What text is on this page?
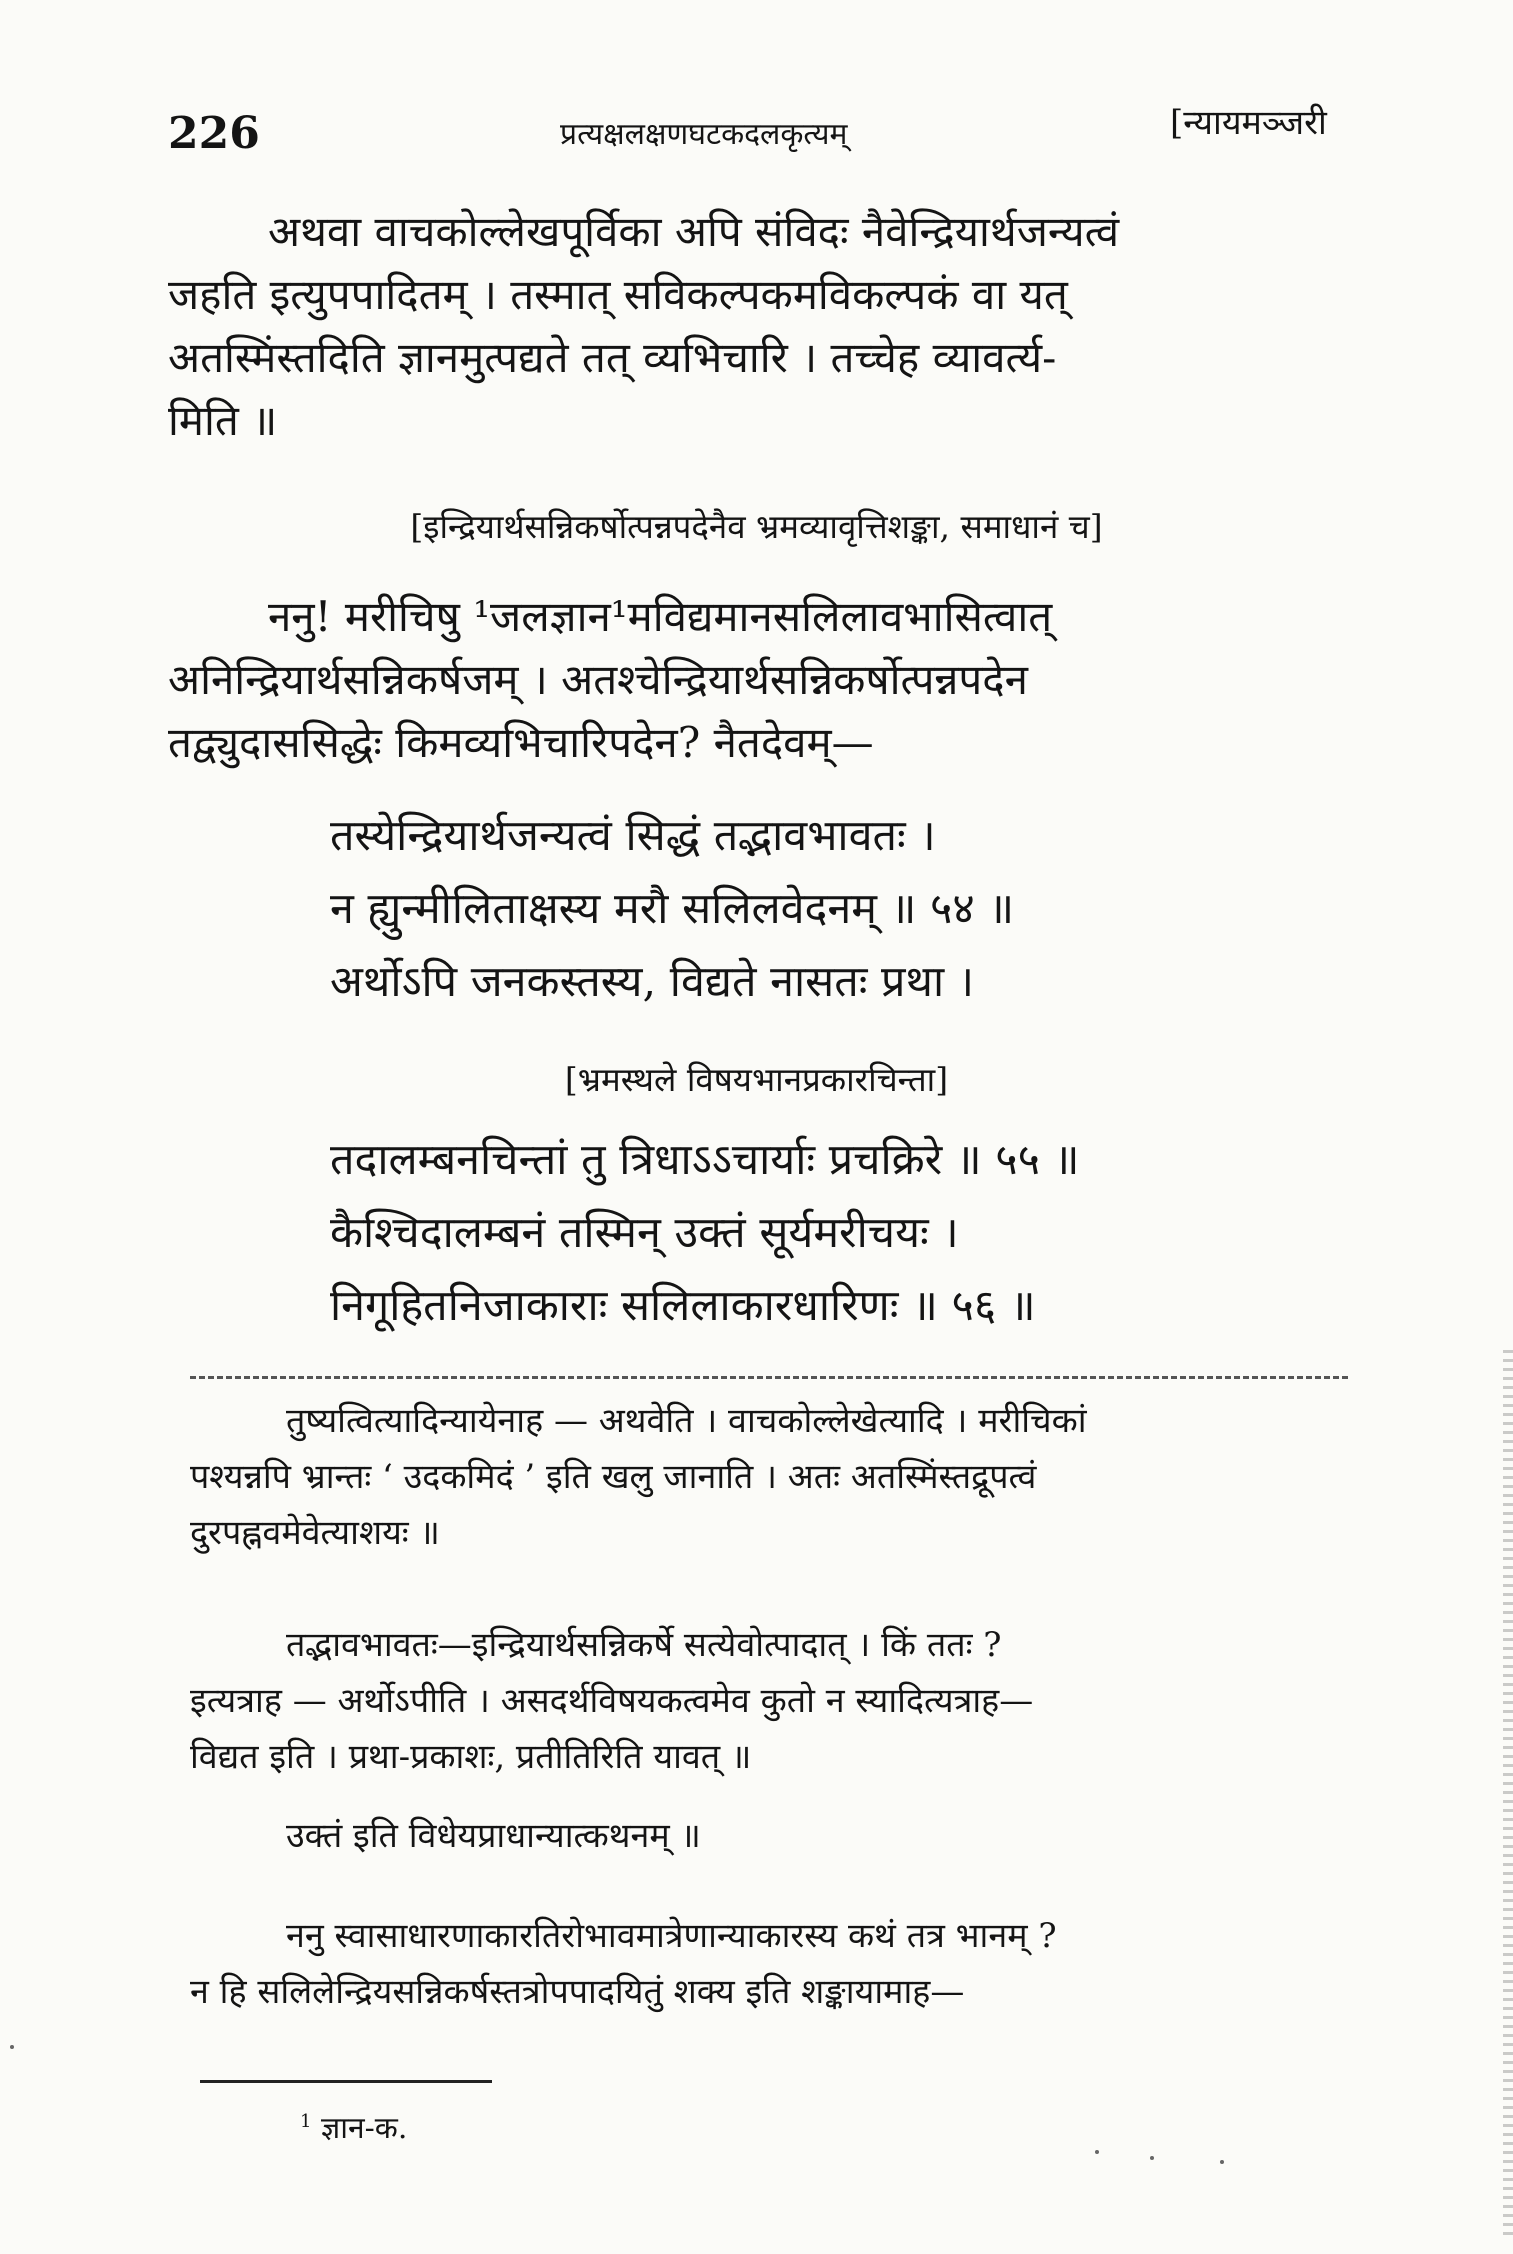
226	प्रत्यक्षलक्षणघटकदलकृत्यम्	[न्यायमञ्जरी
अथवा वाचकोल्लेखपूर्विका अपि संविदः नैवेन्द्रियार्थजन्यत्वं
जहति इत्युपपादितम् । तस्मात् सविकल्पकमविकल्पकं वा यत्
अतस्मिंस्तदिति ज्ञानमुत्पद्यते तत् व्यभिचारि । तच्चेह व्यावर्त्य-
मिति ॥
[इन्द्रियार्थसन्निकर्षोत्पन्नपदेनैव भ्रमव्यावृत्तिशङ्का, समाधानं च]
ननु! मरीचिषु ¹जलज्ञान¹मविद्यमानसलिलावभासित्वात्
अनिन्द्रियार्थसन्निकर्षजम् । अतश्चेन्द्रियार्थसन्निकर्षोत्पन्नपदेन
तद्व्युदाससिद्धेः किमव्यभिचारिपदेन? नैतदेवम्—
तस्येन्द्रियार्थजन्यत्वं सिद्धं तद्भावभावतः ।
न ह्युन्मीलिताक्षस्य मरौ सलिलवेदनम् ॥ ५४ ॥
अर्थोऽपि जनकस्तस्य, विद्यते नासतः प्रथा ।
[भ्रमस्थले विषयभानप्रकारचिन्ता]
तदालम्बनचिन्तां तु त्रिधाऽऽचार्याः प्रचक्रिरे ॥ ५५ ॥
कैश्चिदालम्बनं तस्मिन् उक्तं सूर्यमरीचयः ।
निगूहितनिजाकाराः सलिलाकारधारिणः ॥ ५६ ॥
तुष्यत्वित्यादिन्यायेनाह — अथवेति । वाचकोल्लेखेत्यादि । मरीचिकां
पश्यन्नपि भ्रान्तः ‘ उदकमिदं ’ इति खलु जानाति । अतः अतस्मिंस्तद्रूपत्वं
दुरपह्नवमेवेत्याशयः ॥
तद्भावभावतः—इन्द्रियार्थसन्निकर्षे सत्येवोत्पादात् । किं ततः ?
इत्यत्राह — अर्थोऽपीति । असदर्थविषयकत्वमेव कुतो न स्यादित्यत्राह—
विद्यत इति । प्रथा-प्रकाशः, प्रतीतिरिति यावत् ॥
उक्तं इति विधेयप्राधान्यात्कथनम् ॥
ननु स्वासाधारणाकारतिरोभावमात्रेणान्याकारस्य कथं तत्र भानम् ?
न हि सलिलेन्द्रियसन्निकर्षस्तत्रोपपादयितुं शक्य इति शङ्कायामाह—
$^1$ ज्ञान-क.
